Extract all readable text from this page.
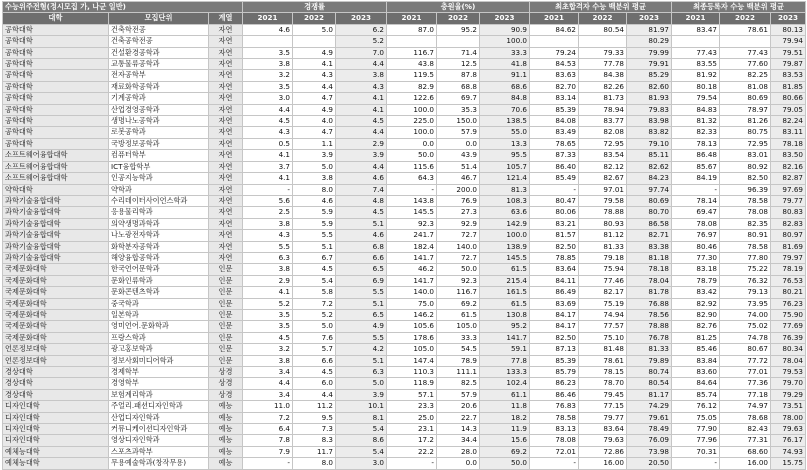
수능위주전형(정시모집 가, 나군 일반)			경쟁률			충원율(%)			최초합격자 수능 백분위 평균			최종등록자 수능 백분위 평균		
대학	모집단위	계열	2021	2022	2023	2021	2022	2023	2021	2022	2023	2021	2022	2023
공학대학	건축학전공	자연	4.6	5.0	6.2	87.0	95.2	90.9	84.62	80.54	81.97	83.47	78.61	80.13
공학대학	건축공학전공	자연			5.2			100.0			80.29			79.94
공학대학	건설환경공학과	자연	3.5	4.9	7.0	116.7	71.4	33.3	79.24	79.33	79.99	77.43	77.43	79.51
공학대학	교통물류공학과	자연	3.8	4.1	4.4	43.8	12.5	41.8	84.53	77.78	79.91	83.55	77.60	79.87
공학대학	전자공학부	자연	3.2	4.3	3.8	119.5	87.8	91.1	83.63	84.38	85.29	81.92	82.25	83.53
공학대학	재료화학공학과	자연	3.5	4.4	4.3	82.9	68.8	68.6	82.70	82.26	82.60	80.18	81.08	81.85
공학대학	기계공학과	자연	3.0	4.7	4.1	122.6	69.7	84.8	83.14	81.73	81.93	79.54	80.69	80.66
공학대학	산업경영공학과	자연	4.4	4.9	4.1	100.0	35.3	70.6	85.39	78.94	79.83	84.83	78.97	79.05
공학대학	생명나노공학과	자연	4.5	4.0	4.5	225.0	150.0	138.5	84.08	83.77	83.98	81.32	81.26	82.24
공학대학	로봇공학과	자연	4.3	4.7	4.4	100.0	57.9	55.0	83.49	82.08	83.82	82.33	80.75	83.11
공학대학	국방정보공학과	자연	0.5	1.1	2.9	0.0	0.0	13.3	78.65	72.95	79.10	78.13	72.95	78.18
소프트웨어융합대학	컴퓨터학부	자연	4.1	3.9	3.9	50.0	43.9	95.5	87.33	83.54	85.11	86.48	83.01	83.50
소프트웨어융합대학	ICT융합학부	자연	3.7	5.0	4.4	115.6	51.4	105.7	86.40	82.12	82.62	85.67	80.92	82.16
소프트웨어융합대학	인공지능학과	자연	4.1	3.8	4.6	64.3	46.7	121.4	85.49	82.67	84.23	84.19	82.50	82.87
약학대학	약학과	자연	-	8.0	7.4	-	200.0	81.3	-	97.01	97.74	-	96.39	97.69
과학기술융합대학	수리데이터사이언스학과	자연	5.6	4.6	4.8	143.8	76.9	108.3	80.47	79.58	80.69	78.14	78.58	79.77
과학기술융합대학	응용물리학과	자연	2.5	5.9	4.5	145.5	27.3	63.6	80.06	78.88	80.70	69.47	78.08	80.83
과학기술융합대학	의약생명과학과	자연	3.8	5.9	5.1	92.3	92.9	142.9	83.21	80.93	86.58	78.08	82.35	82.83
과학기술융합대학	나노광전자학과	자연	4.3	5.5	4.6	241.7	72.7	100.0	81.57	81.12	82.71	76.97	80.91	80.97
과학기술융합대학	화학분자공학과	자연	5.5	5.1	6.8	182.4	140.0	138.9	82.50	81.33	83.38	80.46	78.58	81.69
과학기술융합대학	해양융합공학과	자연	6.3	6.7	6.6	141.7	72.7	145.5	78.85	79.18	81.18	77.30	77.80	79.97
국제문화대학	한국언어문학과	인문	3.8	4.5	6.5	46.2	50.0	61.5	83.64	75.94	78.18	83.18	75.22	78.19
국제문화대학	문화인류학과	인문	2.9	5.4	6.9	141.7	92.3	215.4	84.11	77.46	78.04	78.79	76.32	76.53
국제문화대학	문화콘텐츠학과	인문	4.1	5.8	5.5	140.0	116.7	161.5	86.49	82.17	81.78	83.42	79.13	80.21
국제문화대학	중국학과	인문	5.2	7.2	5.1	75.0	69.2	61.5	83.69	75.19	76.88	82.92	73.95	76.23
국제문화대학	일본학과	인문	3.5	5.2	6.5	146.2	61.5	130.8	84.17	74.94	78.56	82.90	74.00	75.90
국제문화대학	영미언어.문화학과	인문	3.5	5.0	4.9	105.6	105.0	95.2	84.17	77.57	78.88	82.76	75.02	77.69
국제문화대학	프랑스학과	인문	4.5	7.6	5.5	178.6	33.3	141.7	82.50	75.10	76.78	81.25	74.78	76.39
언론정보대학	광고홍보학과	인문	3.2	5.7	4.2	105.0	54.5	59.1	87.13	81.48	81.33	85.46	80.67	80.34
언론정보대학	정보사회미디어학과	인문	3.8	6.6	5.1	147.4	78.9	77.8	85.39	78.61	79.89	83.84	77.72	78.04
경상대학	경제학부	상경	3.4	4.5	6.3	110.3	111.1	133.3	85.79	78.15	80.74	83.60	77.01	79.53
경상대학	경영학부	상경	4.4	6.0	5.0	118.9	82.5	102.4	86.23	78.70	80.54	84.64	77.36	79.70
경상대학	보험계리학과	상경	3.4	4.4	3.9	57.1	57.9	61.1	86.46	79.45	81.17	85.74	77.18	79.29
디자인대학	주얼리.패션디자인학과	예능	11.0	11.2	10.1	23.3	20.6	11.8	76.83	77.15	74.29	76.12	74.97	73.51
디자인대학	산업디자인학과	예능	7.2	9.5	8.1	25.0	22.7	18.2	78.58	79.77	79.61	75.05	78.68	78.00
디자인대학	커뮤니케이션디자인학과	예능	6.4	7.3	5.4	23.1	14.3	11.9	83.13	83.64	78.49	77.90	82.43	79.63
디자인대학	영상디자인학과	예능	7.8	8.3	8.6	17.2	34.4	15.6	78.08	79.63	76.09	77.96	77.31	76.17
예체능대학	스포츠과학부	예능	7.9	11.7	5.4	22.2	28.0	69.2	72.01	72.86	73.98	70.31	68.60	74.93
예체능대학	무용예술학과(창작무용)	예능	-	8.0	3.0	-	0.0	50.0	-	16.00	20.50	-	16.00	15.75
